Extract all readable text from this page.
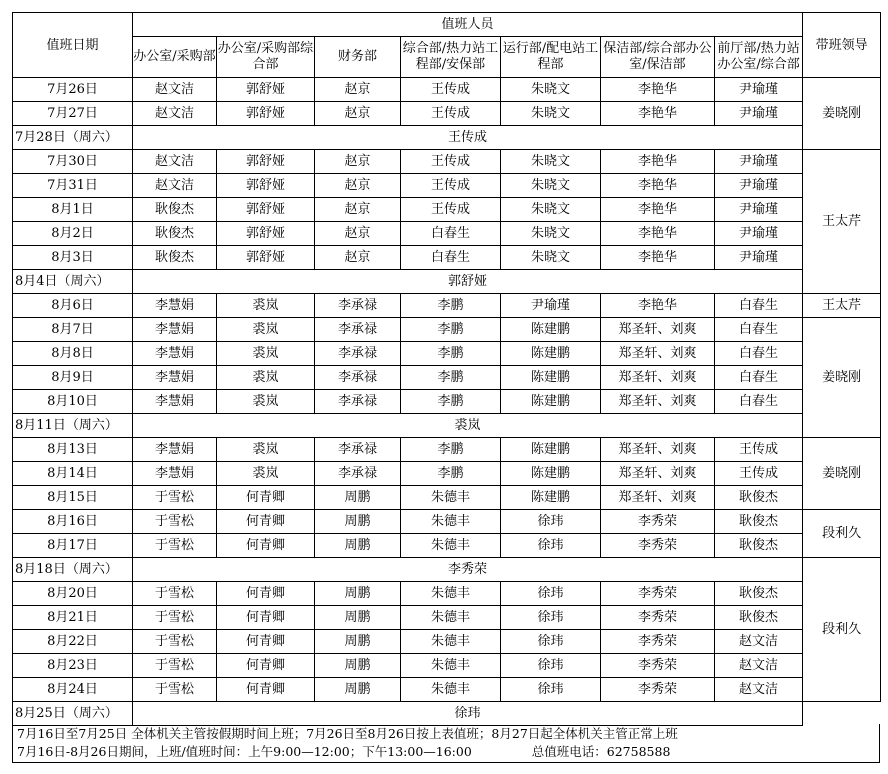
值班日期	值班人员							带班领导
	办公室/采购部	办公室/采购部综合部	财务部	综合部/热力站工程部/安保部	运行部/配电站工程部	保洁部/综合部办公室/保洁部	前厅部/热力站办公室/综合部	
7月26日	赵文洁	郭舒娅	赵京	王传成	朱晓文	李艳华	尹瑜瑾	姜晓刚
7月27日	赵文洁	郭舒娅	赵京	王传成	朱晓文	李艳华	尹瑜瑾	
7月28日（周六）	王传成							
7月30日	赵文洁	郭舒娅	赵京	王传成	朱晓文	李艳华	尹瑜瑾	王太芹
7月31日	赵文洁	郭舒娅	赵京	王传成	朱晓文	李艳华	尹瑜瑾	
8月1日	耿俊杰	郭舒娅	赵京	王传成	朱晓文	李艳华	尹瑜瑾	
8月2日	耿俊杰	郭舒娅	赵京	白春生	朱晓文	李艳华	尹瑜瑾	
8月3日	耿俊杰	郭舒娅	赵京	白春生	朱晓文	李艳华	尹瑜瑾	
8月4日（周六）	郭舒娅							
8月6日	李慧娟	裘岚	李承禄	李鹏	尹瑜瑾	李艳华	白春生	王太芹
8月7日	李慧娟	裘岚	李承禄	李鹏	陈建鹏	郑圣轩、刘爽	白春生	姜晓刚
8月8日	李慧娟	裘岚	李承禄	李鹏	陈建鹏	郑圣轩、刘爽	白春生	
8月9日	李慧娟	裘岚	李承禄	李鹏	陈建鹏	郑圣轩、刘爽	白春生	
8月10日	李慧娟	裘岚	李承禄	李鹏	陈建鹏	郑圣轩、刘爽	白春生	
8月11日（周六）	裘岚							
8月13日	李慧娟	裘岚	李承禄	李鹏	陈建鹏	郑圣轩、刘爽	王传成	姜晓刚
8月14日	李慧娟	裘岚	李承禄	李鹏	陈建鹏	郑圣轩、刘爽	王传成	
8月15日	于雪松	何青卿	周鹏	朱德丰	陈建鹏	郑圣轩、刘爽	耿俊杰	
8月16日	于雪松	何青卿	周鹏	朱德丰	徐玮	李秀荣	耿俊杰	段利久
8月17日	于雪松	何青卿	周鹏	朱德丰	徐玮	李秀荣	耿俊杰	
8月18日（周六）	李秀荣							段利久
8月20日	于雪松	何青卿	周鹏	朱德丰	徐玮	李秀荣	耿俊杰	
8月21日	于雪松	何青卿	周鹏	朱德丰	徐玮	李秀荣	耿俊杰	
8月22日	于雪松	何青卿	周鹏	朱德丰	徐玮	李秀荣	赵文洁	
8月23日	于雪松	何青卿	周鹏	朱德丰	徐玮	李秀荣	赵文洁	
8月24日	于雪松	何青卿	周鹏	朱德丰	徐玮	李秀荣	赵文洁	
8月25日（周六）	徐玮							
7月16日至7月25日 全体机关主管按假期时间上班；7月26日至8月26日按上表值班；8月27日起全体机关主管正常上班
7月16日-8月26日期间，上班/值班时间：上午9:00—12:00；下午13:00—16:00	总值班电话：62758588
